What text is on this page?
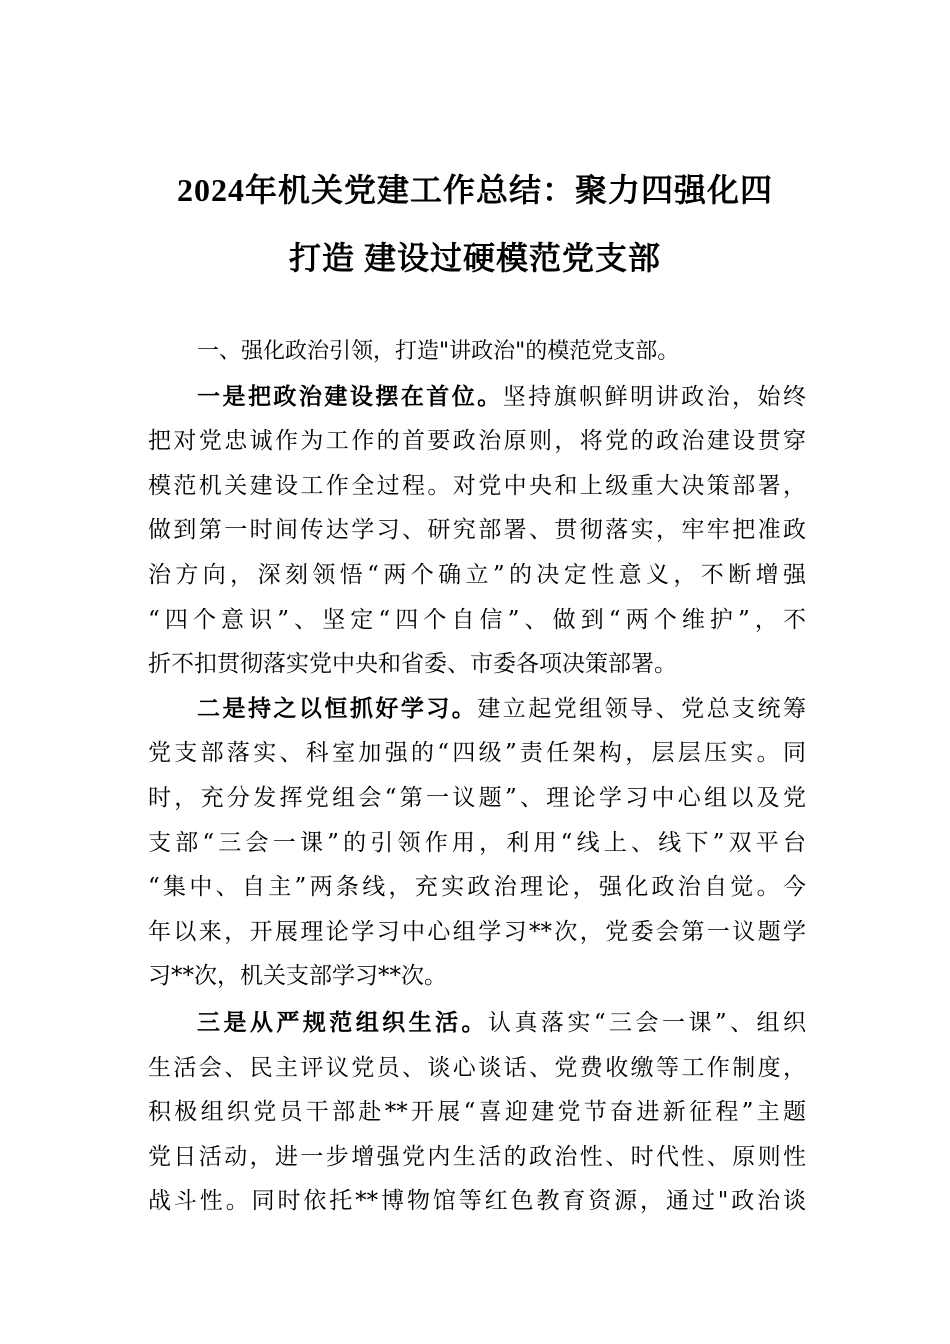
2024年机关党建工作总结：聚力四强化四
打造 建设过硬模范党支部
一、强化政治引领，打造"讲政治"的模范党支部。
一是把政治建设摆在首位。坚持旗帜鲜明讲政治，始终
把对党忠诚作为工作的首要政治原则，将党的政治建设贯穿
模范机关建设工作全过程。对党中央和上级重大决策部署，
做到第一时间传达学习、研究部署、贯彻落实，牢牢把准政
治方向，深刻领悟“两个确立”的决定性意义，不断增强
“四个意识”、坚定“四个自信”、做到“两个维护”，不
折不扣贯彻落实党中央和省委、市委各项决策部署。
二是持之以恒抓好学习。建立起党组领导、党总支统筹
党支部落实、科室加强的“四级”责任架构，层层压实。同
时，充分发挥党组会“第一议题”、理论学习中心组以及党
支部“三会一课”的引领作用，利用“线上、线下”双平台
“集中、自主”两条线，充实政治理论，强化政治自觉。今
年以来，开展理论学习中心组学习**次，党委会第一议题学
习**次，机关支部学习**次。
三是从严规范组织生活。认真落实“三会一课”、组织
生活会、民主评议党员、谈心谈话、党费收缴等工作制度，
积极组织党员干部赴**开展“喜迎建党节奋进新征程”主题
党日活动，进一步增强党内生活的政治性、时代性、原则性
战斗性。同时依托**博物馆等红色教育资源，通过"政治谈
